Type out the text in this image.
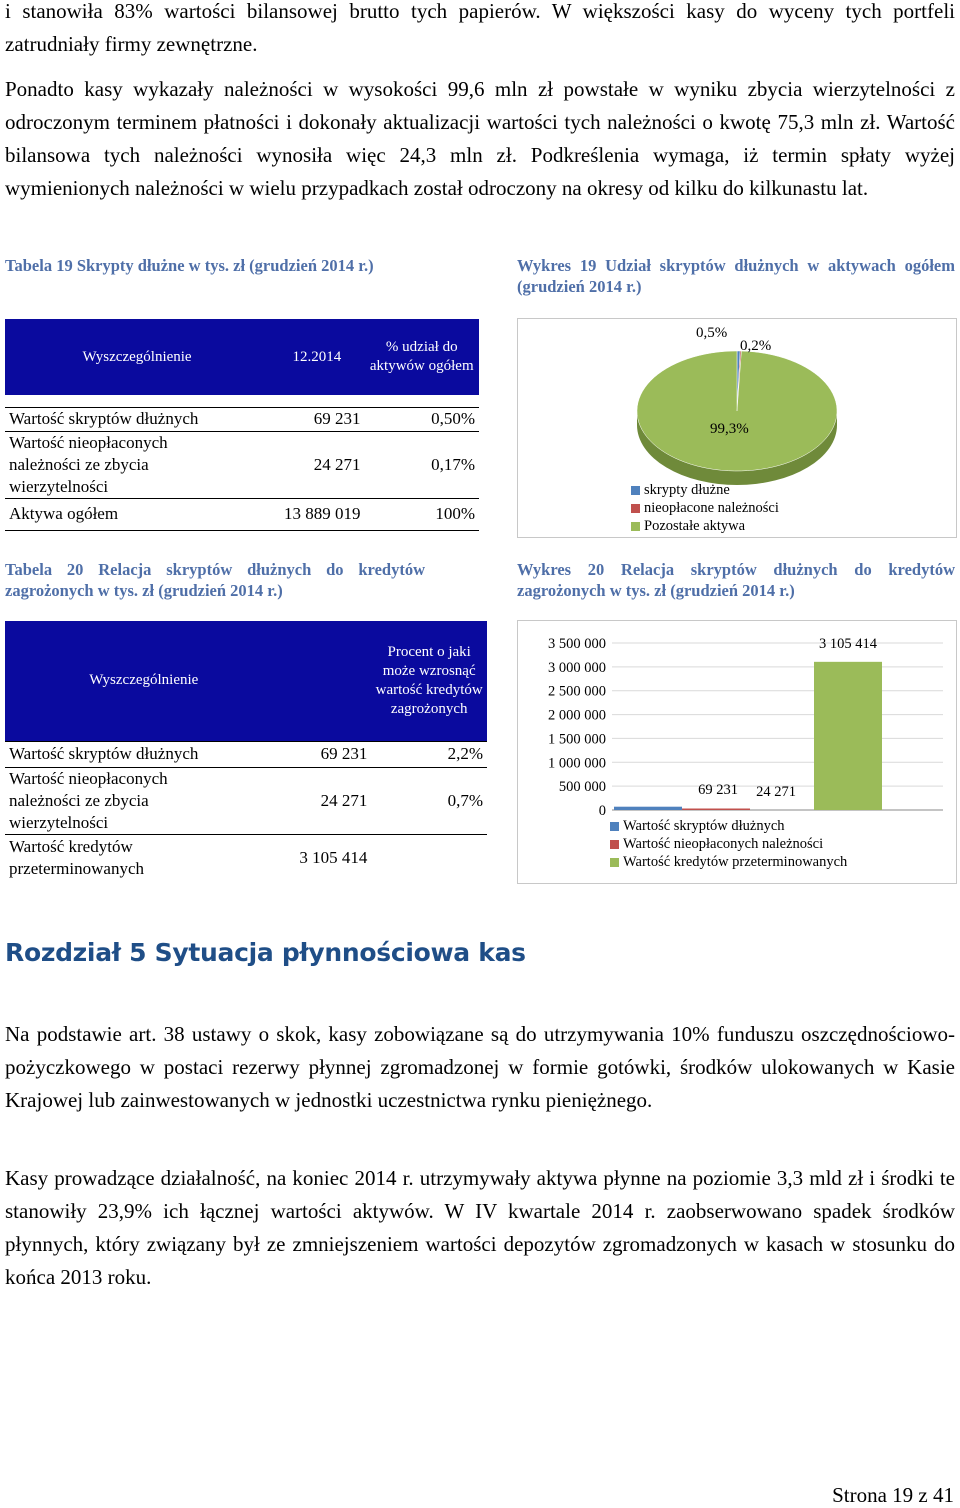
i stanowiła 83% wartości bilansowej brutto tych papierów. W większości kasy do wyceny tych portfeli zatrudniały firmy zewnętrzne.
Ponadto kasy wykazały należności w wysokości 99,6 mln zł powstałe w wyniku zbycia wierzytelności z odroczonym terminem płatności i dokonały aktualizacji wartości tych należności o kwotę 75,3 mln zł. Wartość bilansowa tych należności wynosiła więc 24,3 mln zł. Podkreślenia wymaga, iż termin spłaty wyżej wymienionych należności w wielu przypadkach został odroczony na okresy od kilku do kilkunastu lat.
Tabela 19 Skrypty dłużne w tys. zł (grudzień 2014 r.)
Wyszczególnienie	12.2014	% udział do aktywów ogółem

Wartość skryptów dłużnych	69 231	0,50%

Wartość nieopłaconych należności ze zbycia wierzytelności	24 271	0,17%
Aktywa ogółem	13 889 019	100%
Wykres 19 Udział skryptów dłużnych w aktywach ogółem (grudzień 2014 r.)
0,5%
0,2%
99,3%
skrypty dłużne
nieopłacone należności
Pozostałe aktywa
Tabela 20 Relacja skryptów dłużnych do kredytów zagrożonych w tys. zł (grudzień 2014 r.)
Wyszczególnienie		Procent o jaki może wzrosnąć wartość kredytów zagrożonych
Wartość skryptów dłużnych	69 231	2,2%

Wartość nieopłaconych należności ze zbycia wierzytelności	24 271	0,7%

Wartość kredytów przeterminowanych	3 105 414	
Wykres 20 Relacja skryptów dłużnych do kredytów zagrożonych w tys. zł (grudzień 2014 r.)
0
500 000
1 000 000
1 500 000
2 000 000
2 500 000
3 000 000
3 500 000
69 231 24 271
3 105 414
Wartość skryptów dłużnych
Wartość nieopłaconych należności
Wartość kredytów przeterminowanych
Rozdział 5 Sytuacja płynnościowa kas
Na podstawie art. 38 ustawy o skok, kasy zobowiązane są do utrzymywania 10% funduszu oszczędnościowo-pożyczkowego w postaci rezerwy płynnej zgromadzonej w formie gotówki, środków ulokowanych w Kasie Krajowej lub zainwestowanych w jednostki uczestnictwa rynku pieniężnego.
Kasy prowadzące działalność, na koniec 2014 r. utrzymywały aktywa płynne na poziomie 3,3 mld zł i środki te stanowiły 23,9% ich łącznej wartości aktywów. W IV kwartale 2014 r. zaobserwowano spadek środków płynnych, który związany był ze zmniejszeniem wartości depozytów zgromadzonych w kasach w stosunku do końca 2013 roku.
Strona 19 z 41
